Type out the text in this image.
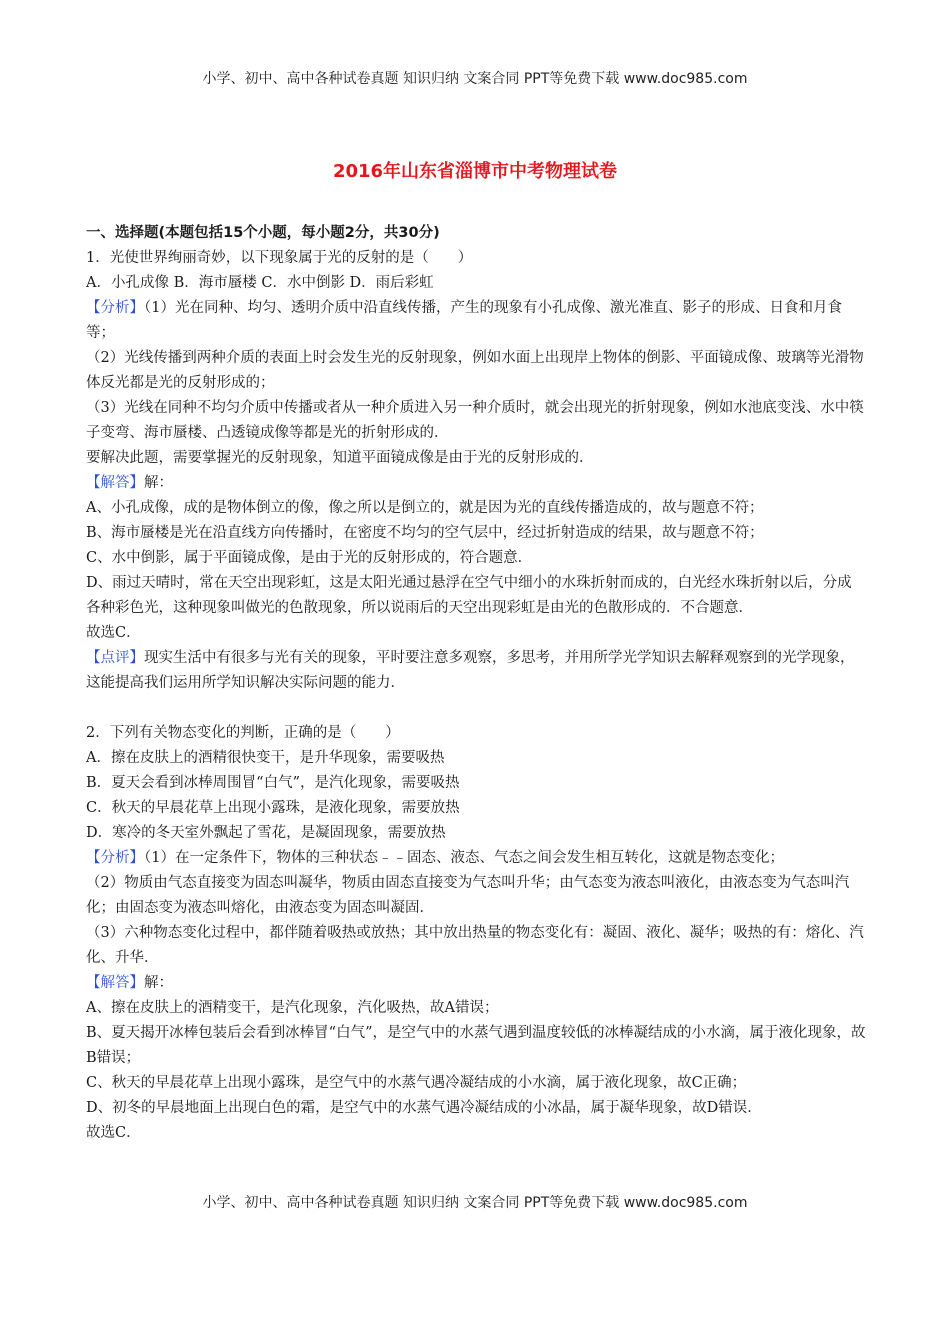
小学、初中、高中各种试卷真题 知识归纳 文案合同 PPT等免费下载 www.doc985.com
2016年山东省淄博市中考物理试卷

一、选择题(本题包括15个小题，每小题2分，共30分)

1．光使世界绚丽奇妙，以下现象属于光的反射的是（　　）

A．小孔成像 B．海市蜃楼 C．水中倒影 D．雨后彩虹

【分析】（1）光在同种、均匀、透明介质中沿直线传播，产生的现象有小孔成像、激光准直、影子的形成、日食和月食等；

（2）光线传播到两种介质的表面上时会发生光的反射现象，例如水面上出现岸上物体的倒影、平面镜成像、玻璃等光滑物体反光都是光的反射形成的；

（3）光线在同种不均匀介质中传播或者从一种介质进入另一种介质时，就会出现光的折射现象，例如水池底变浅、水中筷子变弯、海市蜃楼、凸透镜成像等都是光的折射形成的．

要解决此题，需要掌握光的反射现象，知道平面镜成像是由于光的反射形成的．

【解答】解：

A、小孔成像，成的是物体倒立的像，像之所以是倒立的，就是因为光的直线传播造成的，故与题意不符；

B、海市蜃楼是光在沿直线方向传播时，在密度不均匀的空气层中，经过折射造成的结果，故与题意不符；

C、水中倒影，属于平面镜成像，是由于光的反射形成的，符合题意．

D、雨过天晴时，常在天空出现彩虹，这是太阳光通过悬浮在空气中细小的水珠折射而成的，白光经水珠折射以后，分成各种彩色光，这种现象叫做光的色散现象，所以说雨后的天空出现彩虹是由光的色散形成的．不合题意．

故选C．

【点评】现实生活中有很多与光有关的现象，平时要注意多观察，多思考，并用所学光学知识去解释观察到的光学现象，这能提高我们运用所学知识解决实际问题的能力．

2．下列有关物态变化的判断，正确的是（　　）

A．擦在皮肤上的酒精很快变干，是升华现象，需要吸热

B．夏天会看到冰棒周围冒“白气”，是汽化现象，需要吸热

C．秋天的早晨花草上出现小露珠，是液化现象，需要放热

D．寒冷的冬天室外飘起了雪花，是凝固现象，需要放热

【分析】（1）在一定条件下，物体的三种状态﹣﹣固态、液态、气态之间会发生相互转化，这就是物态变化；

（2）物质由气态直接变为固态叫凝华，物质由固态直接变为气态叫升华；由气态变为液态叫液化，由液态变为气态叫汽化；由固态变为液态叫熔化，由液态变为固态叫凝固．

（3）六种物态变化过程中，都伴随着吸热或放热；其中放出热量的物态变化有：凝固、液化、凝华；吸热的有：熔化、汽化、升华．

【解答】解：

A、擦在皮肤上的酒精变干，是汽化现象，汽化吸热，故A错误；

B、夏天揭开冰棒包装后会看到冰棒冒“白气”，是空气中的水蒸气遇到温度较低的冰棒凝结成的小水滴，属于液化现象，故B错误；

C、秋天的早晨花草上出现小露珠，是空气中的水蒸气遇冷凝结成的小水滴，属于液化现象，故C正确；

D、初冬的早晨地面上出现白色的霜，是空气中的水蒸气遇冷凝结成的小冰晶，属于凝华现象，故D错误．

故选C．

小学、初中、高中各种试卷真题 知识归纳 文案合同 PPT等免费下载 www.doc985.com
